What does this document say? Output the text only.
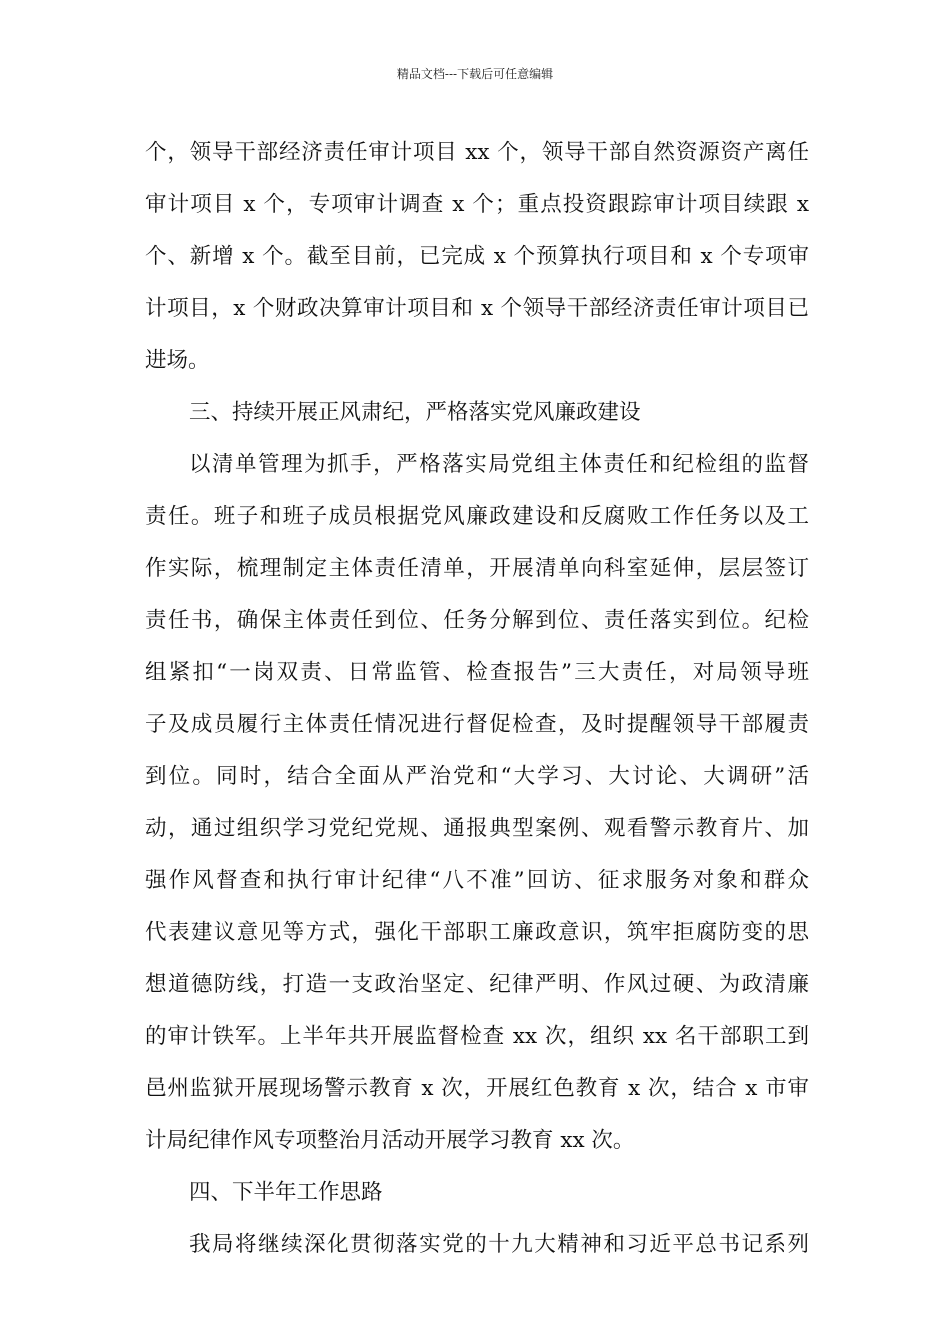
精品文档---下载后可任意编辑
个，领导干部经济责任审计项目 xx 个，领导干部自然资源资产离任
审计项目 x 个，专项审计调查 x 个；重点投资跟踪审计项目续跟 x
个、新增 x 个。截至目前，已完成 x 个预算执行项目和 x 个专项审
计项目，x 个财政决算审计项目和 x 个领导干部经济责任审计项目已
进场。
三、持续开展正风肃纪，严格落实党风廉政建设
以清单管理为抓手，严格落实局党组主体责任和纪检组的监督
责任。班子和班子成员根据党风廉政建设和反腐败工作任务以及工
作实际，梳理制定主体责任清单，开展清单向科室延伸，层层签订
责任书，确保主体责任到位、任务分解到位、责任落实到位。纪检
组紧扣“一岗双责、日常监管、检查报告”三大责任，对局领导班
子及成员履行主体责任情况进行督促检查，及时提醒领导干部履责
到位。同时，结合全面从严治党和“大学习、大讨论、大调研”活
动，通过组织学习党纪党规、通报典型案例、观看警示教育片、加
强作风督查和执行审计纪律“八不准”回访、征求服务对象和群众
代表建议意见等方式，强化干部职工廉政意识，筑牢拒腐防变的思
想道德防线，打造一支政治坚定、纪律严明、作风过硬、为政清廉
的审计铁军。上半年共开展监督检查 xx 次，组织 xx 名干部职工到
邑州监狱开展现场警示教育 x 次，开展红色教育 x 次，结合 x 市审
计局纪律作风专项整治月活动开展学习教育 xx 次。
四、下半年工作思路
我局将继续深化贯彻落实党的十九大精神和习近平总书记系列
